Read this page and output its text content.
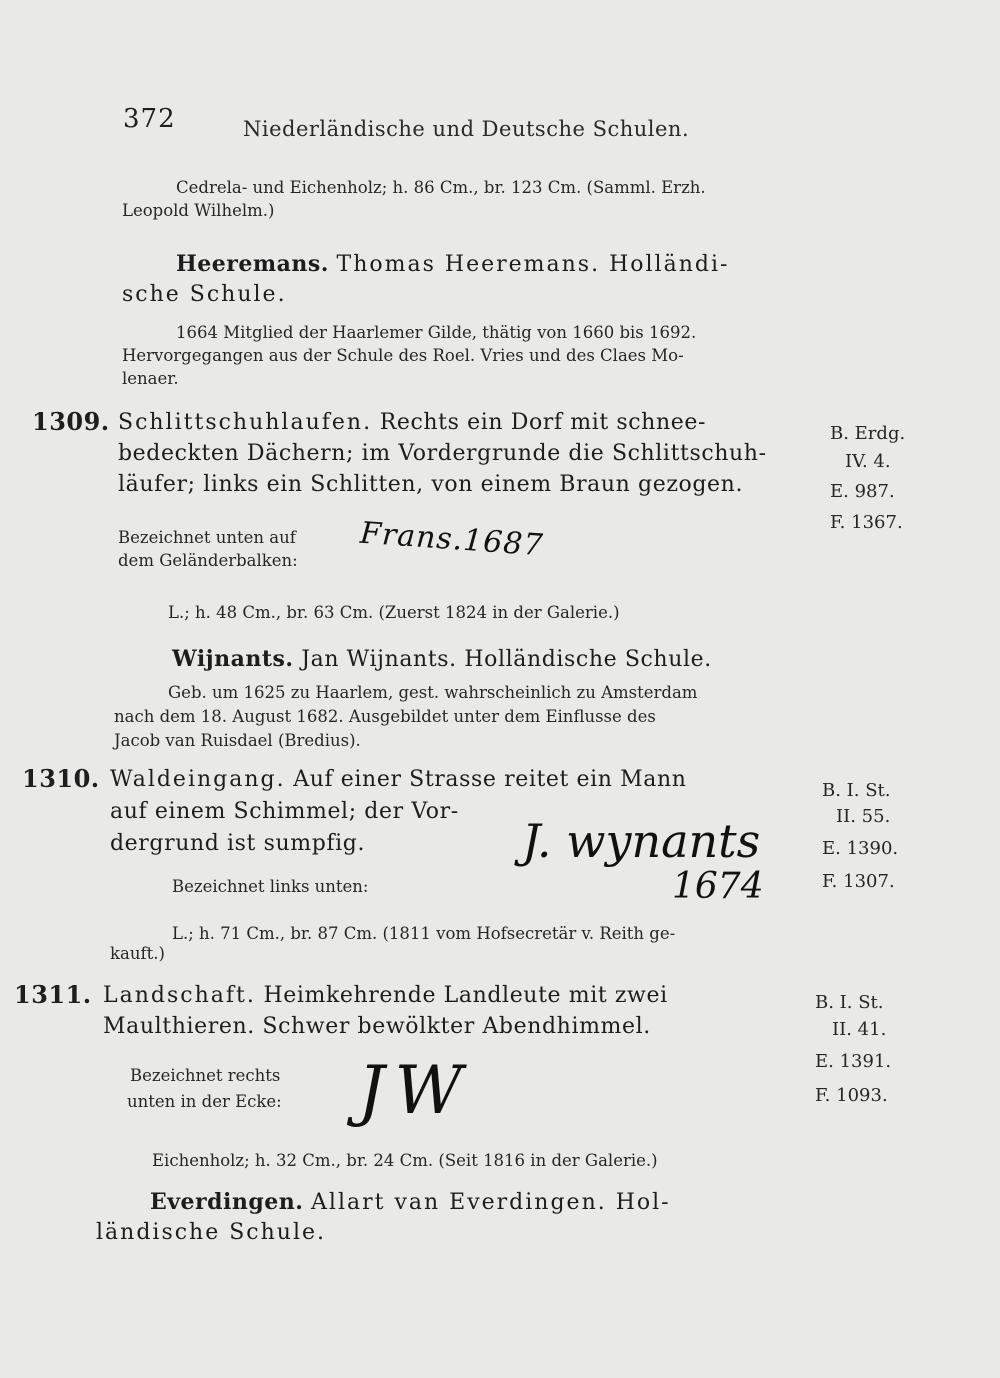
372	Niederländische und Deutsche Schulen.
Cedrela- und Eichenholz; h. 86 Cm., br. 123 Cm. (Samml. Erzh.
Leopold Wilhelm.)
Heeremans. Thomas Heeremans. Holländi-
sche Schule.
1664 Mitglied der Haarlemer Gilde, thätig von 1660 bis 1692.
Hervorgegangen aus der Schule des Roel. Vries und des Claes Mo-
lenaer.
1309. Schlittschuhlaufen. Rechts ein Dorf mit schnee-
bedeckten Dächern; im Vordergrunde die Schlittschuh-
läufer; links ein Schlitten, von einem Braun gezogen.
Bezeichnet unten auf
dem Geländerbalken: Frans.1687
L.; h. 48 Cm., br. 63 Cm. (Zuerst 1824 in der Galerie.)
B. Erdg.
IV. 4.
E. 987.
F. 1367.
Wijnants. Jan Wijnants. Holländische Schule.
Geb. um 1625 zu Haarlem, gest. wahrscheinlich zu Amsterdam
nach dem 18. August 1682. Ausgebildet unter dem Einflusse des
Jacob van Ruisdael (Bredius).
1310. Waldeingang. Auf einer Strasse reitet ein Mann
auf einem Schimmel; der Vor-
dergrund ist sumpfig.	J. wynants
1674
Bezeichnet links unten:
L.; h. 71 Cm., br. 87 Cm. (1811 vom Hofsecretär v. Reith ge-
kauft.)
B. I. St.
II. 55.
E. 1390.
F. 1307.
1311. Landschaft. Heimkehrende Landleute mit zwei
Maulthieren. Schwer bewölkter Abendhimmel.
Bezeichnet rechts
unten in der Ecke: JW
Eichenholz; h. 32 Cm., br. 24 Cm. (Seit 1816 in der Galerie.)
B. I. St.
II. 41.
E. 1391.
F. 1093.
Everdingen. Allart van Everdingen. Hol-
ländische Schule.
